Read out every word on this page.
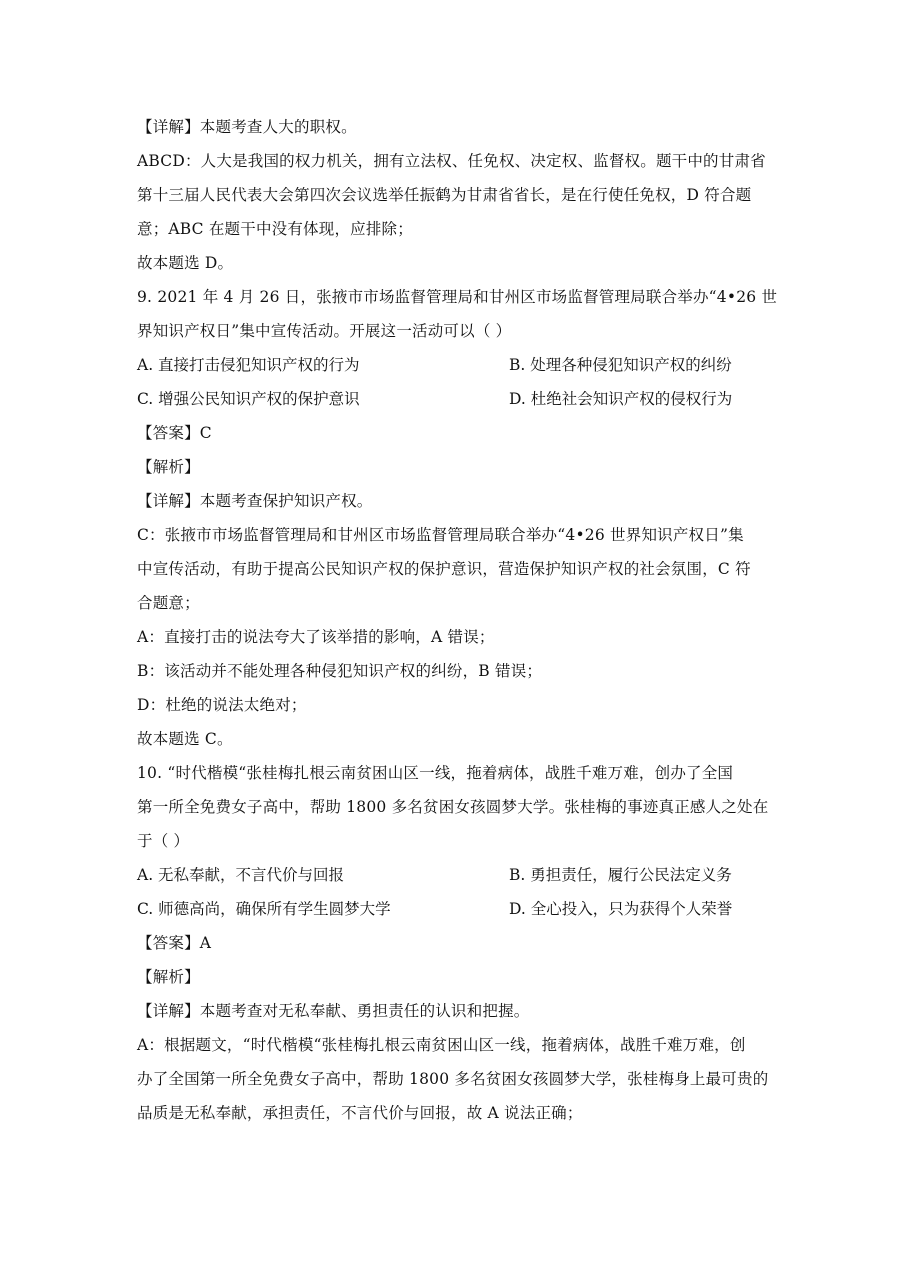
【详解】本题考查人大的职权。
ABCD：人大是我国的权力机关，拥有立法权、任免权、决定权、监督权。题干中的甘肃省
第十三届人民代表大会第四次会议选举任振鹤为甘肃省省长，是在行使任免权，D 符合题
意；ABC 在题干中没有体现，应排除；
故本题选 D。
9. 2021 年 4 月 26 日，张掖市市场监督管理局和甘州区市场监督管理局联合举办“4•26 世
界知识产权日”集中宣传活动。开展这一活动可以（ ）
A. 直接打击侵犯知识产权的行为	B. 处理各种侵犯知识产权的纠纷
C. 增强公民知识产权的保护意识	D. 杜绝社会知识产权的侵权行为
【答案】C
【解析】
【详解】本题考查保护知识产权。
C：张掖市市场监督管理局和甘州区市场监督管理局联合举办“4•26 世界知识产权日”集
中宣传活动，有助于提高公民知识产权的保护意识，营造保护知识产权的社会氛围，C 符
合题意；
A：直接打击的说法夸大了该举措的影响，A 错误；
B：该活动并不能处理各种侵犯知识产权的纠纷，B 错误；
D：杜绝的说法太绝对；
故本题选 C。
10. “时代楷模“张桂梅扎根云南贫困山区一线，拖着病体，战胜千难万难，创办了全国
第一所全免费女子高中，帮助 1800 多名贫困女孩圆梦大学。张桂梅的事迹真正感人之处在
于（ ）
A. 无私奉献，不言代价与回报	B. 勇担责任，履行公民法定义务
C. 师德高尚，确保所有学生圆梦大学	D. 全心投入，只为获得个人荣誉
【答案】A
【解析】
【详解】本题考查对无私奉献、勇担责任的认识和把握。
A：根据题文，“时代楷模“张桂梅扎根云南贫困山区一线，拖着病体，战胜千难万难，创
办了全国第一所全免费女子高中，帮助 1800 多名贫困女孩圆梦大学，张桂梅身上最可贵的
品质是无私奉献，承担责任，不言代价与回报，故 A 说法正确；
